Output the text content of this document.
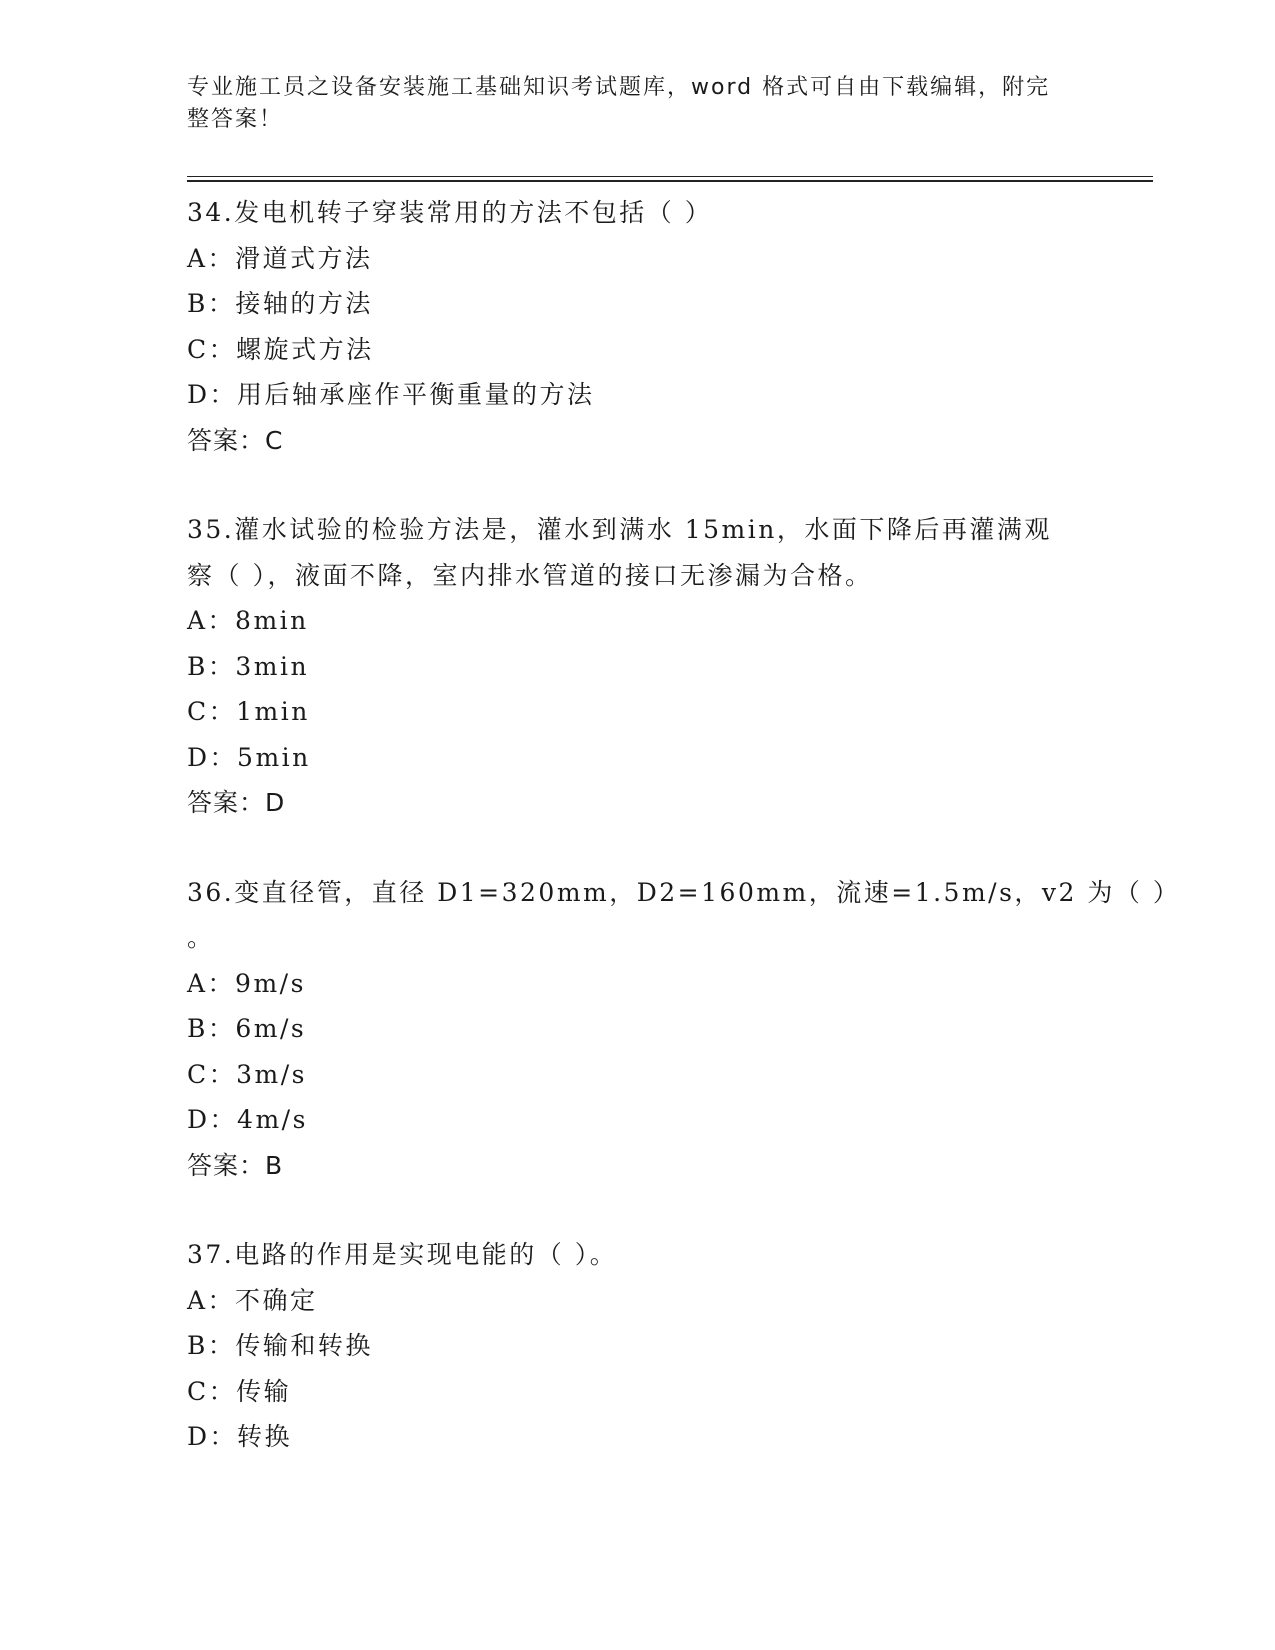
专业施工员之设备安装施工基础知识考试题库，word 格式可自由下载编辑，附完
整答案！
34.发电机转子穿装常用的方法不包括（ ）
A：滑道式方法
B：接轴的方法
C：螺旋式方法
D：用后轴承座作平衡重量的方法
答案：C
35.灌水试验的检验方法是，灌水到满水 15min，水面下降后再灌满观
察（ ），液面不降，室内排水管道的接口无渗漏为合格。
A：8min
B：3min
C：1min
D：5min
答案：D
36.变直径管，直径 D1=320mm，D2=160mm，流速=1.5m/s，v2 为（ ）
。
A：9m/s
B：6m/s
C：3m/s
D：4m/s
答案：B
37.电路的作用是实现电能的（ ）。
A：不确定
B：传输和转换
C：传输
D：转换
